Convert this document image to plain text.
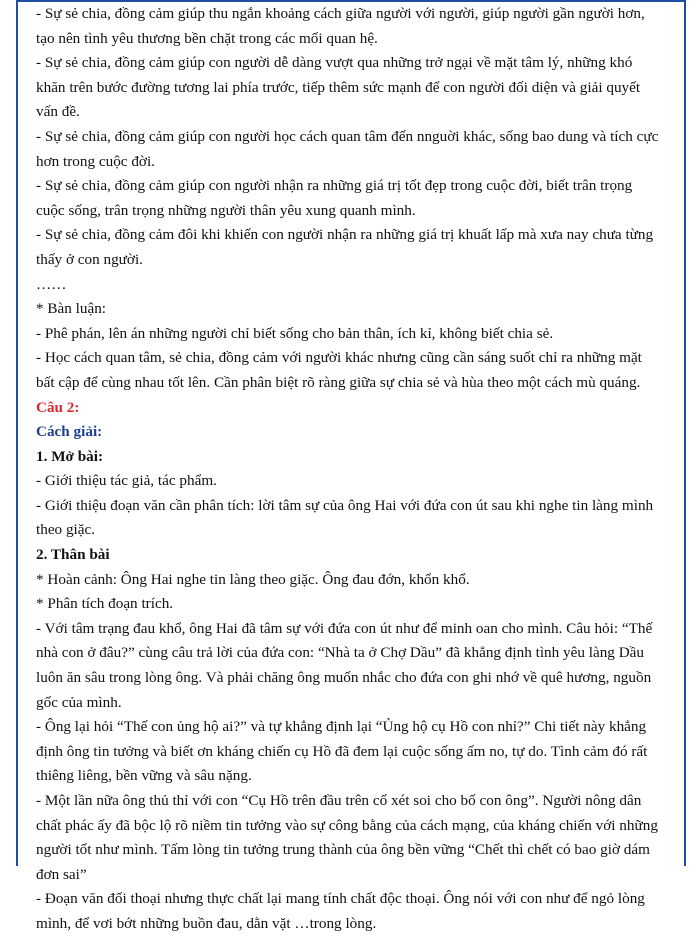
- Sự sẻ chia, đồng cảm giúp thu ngắn khoảng cách giữa người với người, giúp người gần người hơn, tạo nên tình yêu thương bền chặt trong các mối quan hệ.

- Sự sẻ chia, đồng cảm giúp con người dễ dàng vượt qua những trở ngại về mặt tâm lý, những khó khăn trên bước đường tương lai phía trước, tiếp thêm sức mạnh để con người đối diện và giải quyết vấn đề.

- Sự sẻ chia, đồng cảm giúp con người học cách quan tâm đến nnguời khác, sống bao dung và tích cực hơn trong cuộc đời.

- Sự sẻ chia, đồng cảm giúp con người nhận ra những giá trị tốt đẹp trong cuộc đời, biết trân trọng cuộc sống, trân trọng những người thân yêu xung quanh mình.

- Sự sẻ chia, đồng cảm đôi khi khiến con người nhận ra những giá trị khuất lấp mà xưa nay chưa từng thấy ở con người.

……

* Bàn luận:

- Phê phán, lên án những người chỉ biết sống cho bản thân, ích kỉ, không biết chia sẻ.

- Học cách quan tâm, sẻ chia, đồng cảm với người khác nhưng cũng cần sáng suốt chỉ ra những mặt bất cập để cùng nhau tốt lên. Cần phân biệt rõ ràng giữa sự chia sẻ và hùa theo một cách mù quáng.

Câu 2:

Cách giải:

1. Mở bài:

- Giới thiệu tác giả, tác phẩm.

- Giới thiệu đoạn văn cần phân tích: lời tâm sự của ông Hai với đứa con út sau khi nghe tin làng mình theo giặc.

2. Thân bài

* Hoàn cảnh: Ông Hai nghe tin làng theo giặc. Ông đau đớn, khổn khổ.

* Phân tích đoạn trích.

- Với tâm trạng đau khổ, ông Hai đã tâm sự với đứa con út như để minh oan cho mình. Câu hỏi: “Thế nhà con ở đâu?” cùng câu trả lời của đứa con: “Nhà ta ở Chợ Dầu” đã khẳng định tình yêu làng Dầu luôn ăn sâu trong lòng ông. Và phải chăng ông muốn nhắc cho đứa con ghi nhớ về quê hương, nguồn gốc của mình.

- Ông lại hỏi “Thế con ủng hộ ai?” và tự khẳng định lại “Ủng hộ cụ Hồ con nhỉ?” Chi tiết này khẳng định ông tin tưởng và biết ơn kháng chiến cụ Hồ đã đem lại cuộc sống ấm no, tự do. Tình cảm đó rất thiêng liêng, bền vững và sâu nặng.

- Một lần nữa ông thủ thỉ với con “Cụ Hồ trên đầu trên cổ xét soi cho bố con ông”. Người nông dân chất phác ấy đã bộc lộ rõ niềm tin tưởng vào sự công bằng của cách mạng, của kháng chiến với những người tốt như mình. Tấm lòng tin tưởng trung thành của ông bền vững “Chết thì chết có bao giờ dám đơn sai”

- Đoạn văn đối thoại nhưng thực chất lại mang tính chất độc thoại. Ông nói với con như để ngỏ lòng mình, để vơi bớt những buồn đau, dằn vặt …trong lòng.
